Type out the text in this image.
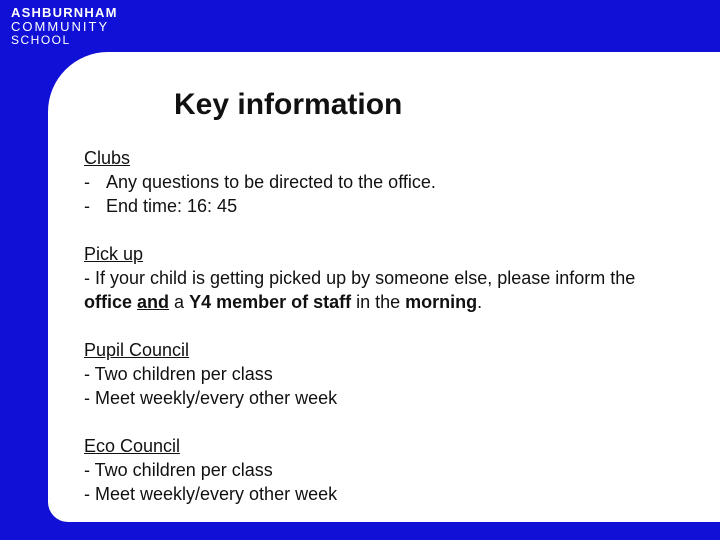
ASHBURNHAM
COMMUNITY
SCHOOL
Key information
Clubs
- Any questions to be directed to the office.
- End time: 16: 45
Pick up
- If your child is getting picked up by someone else, please inform the
office and a Y4 member of staff in the morning.
Pupil Council
- Two children per class
- Meet weekly/every other week
Eco Council
- Two children per class
- Meet weekly/every other week
